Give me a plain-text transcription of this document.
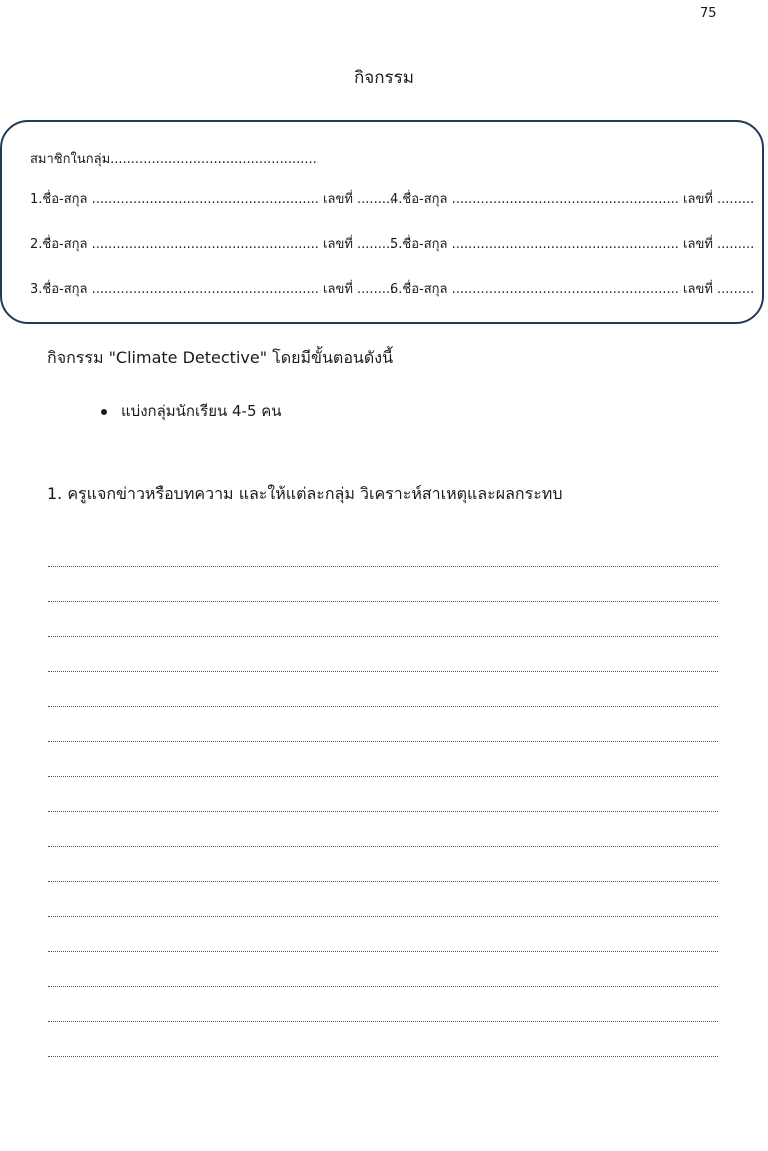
75
กิจกรรม
สมาชิกในกลุ่ม..................................................
1.ชื่อ-สกุล ....................................................... เลขที่ .........
4.ชื่อ-สกุล ....................................................... เลขที่ .........
2.ชื่อ-สกุล ....................................................... เลขที่ .........
5.ชื่อ-สกุล ....................................................... เลขที่ .........
3.ชื่อ-สกุล ....................................................... เลขที่ .........
6.ชื่อ-สกุล ....................................................... เลขที่ .........
กิจกรรม "Climate Detective" โดยมีขั้นตอนดังนี้
แบ่งกลุ่มนักเรียน 4-5 คน
1. ครูแจกข่าวหรือบทความ และให้แต่ละกลุ่ม วิเคราะห์สาเหตุและผลกระทบ
